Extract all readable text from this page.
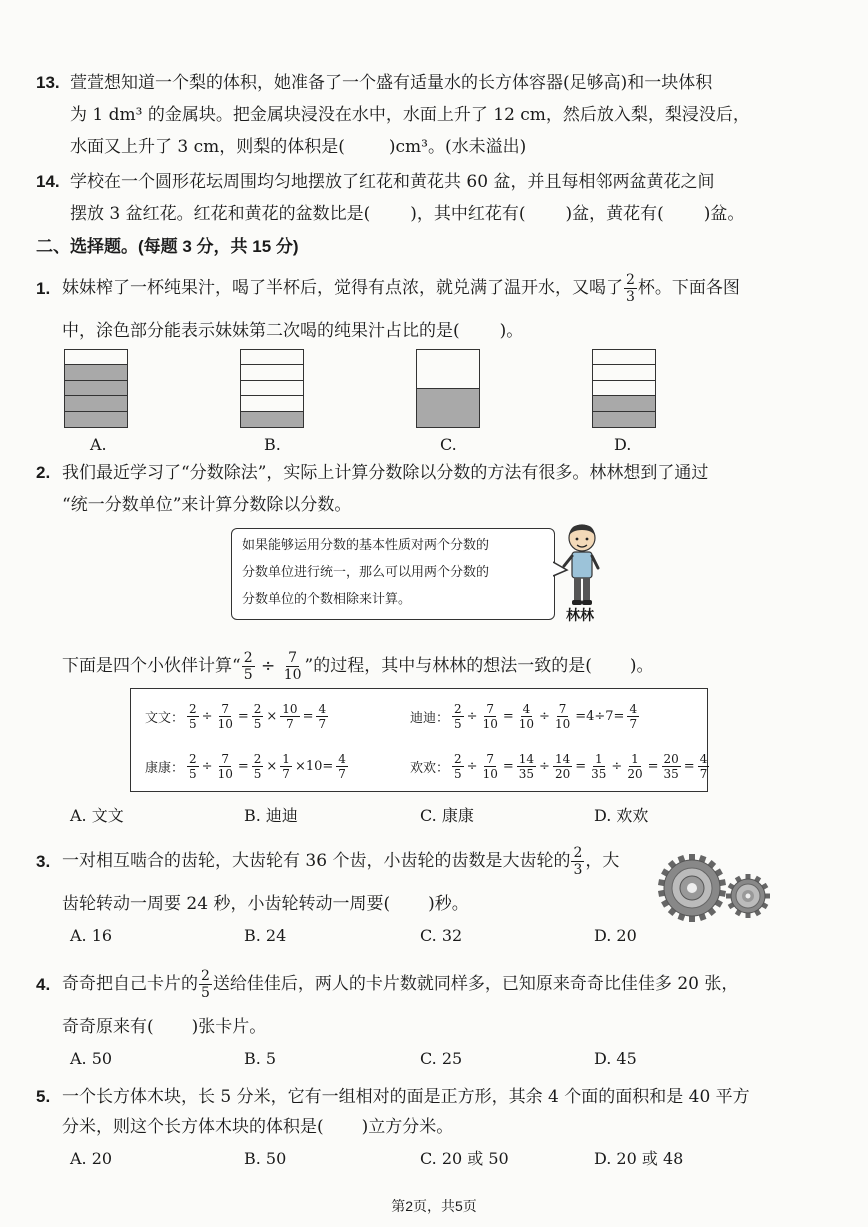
13. 萱萱想知道一个梨的体积，她准备了一个盛有适量水的长方体容器(足够高)和一块体积
为 1 dm³ 的金属块。把金属块浸没在水中，水面上升了 12 cm，然后放入梨，梨浸没后，
水面又上升了 3 cm，则梨的体积是(	)cm³。(水未溢出)
14. 学校在一个圆形花坛周围均匀地摆放了红花和黄花共 60 盆，并且每相邻两盆黄花之间
摆放 3 盆红花。红花和黄花的盆数比是( )，其中红花有( )盆，黄花有( )盆。
二、选择题。(每题 3 分，共 15 分)
1. 妹妹榨了一杯纯果汁，喝了半杯后，觉得有点浓，就兑满了温开水，又喝了 $\frac{2}{3}$ 杯。下面各图
中，涂色部分能表示妹妹第二次喝的纯果汁占比的是( )。
A.	B.	C.	D.
2. 我们最近学习了“分数除法”，实际上计算分数除以分数的方法有很多。林林想到了通过
“统一分数单位”来计算分数除以分数。
如果能够运用分数的基本性质对两个分数的
分数单位进行统一，那么可以用两个分数的
分数单位的个数相除来计算。
林林
下面是四个小伙伴计算“ $\frac{2}{5} \div \frac{7}{10}$ ”的过程，其中与林林的想法一致的是( )。
文文： $\frac{2}{5} \div \frac{7}{10} = \frac{2}{5} \times \frac{10}{7} = \frac{4}{7}$	迪迪： $\frac{2}{5} \div \frac{7}{10} = \frac{4}{10} \div \frac{7}{10} =4\div 7= \frac{4}{7}$
康康： $\frac{2}{5} \div \frac{7}{10} = \frac{2}{5} \times \frac{1}{7} \times 10= \frac{4}{7}$	欢欢： $\frac{2}{5} \div \frac{7}{10} = \frac{14}{35} \div \frac{14}{20} = \frac{1}{35} \div \frac{1}{20} = \frac{20}{35} = \frac{4}{7}$
A. 文文	B. 迪迪	C. 康康	D. 欢欢
3. 一对相互啮合的齿轮，大齿轮有 36 个齿，小齿轮的齿数是大齿轮的 $\frac{2}{3}$ ，大
齿轮转动一周要 24 秒，小齿轮转动一周要( )秒。
A. 16	B. 24	C. 32	D. 20
4. 奇奇把自己卡片的 $\frac{2}{5}$ 送给佳佳后，两人的卡片数就同样多，已知原来奇奇比佳佳多 20 张，
奇奇原来有( )张卡片。
A. 50	B. 5	C. 25	D. 45
5. 一个长方体木块，长 5 分米，它有一组相对的面是正方形，其余 4 个面的面积和是 40 平方
分米，则这个长方体木块的体积是( )立方分米。
A. 20	B. 50	C. 20 或 50	D. 20 或 48
第2页，共5页
